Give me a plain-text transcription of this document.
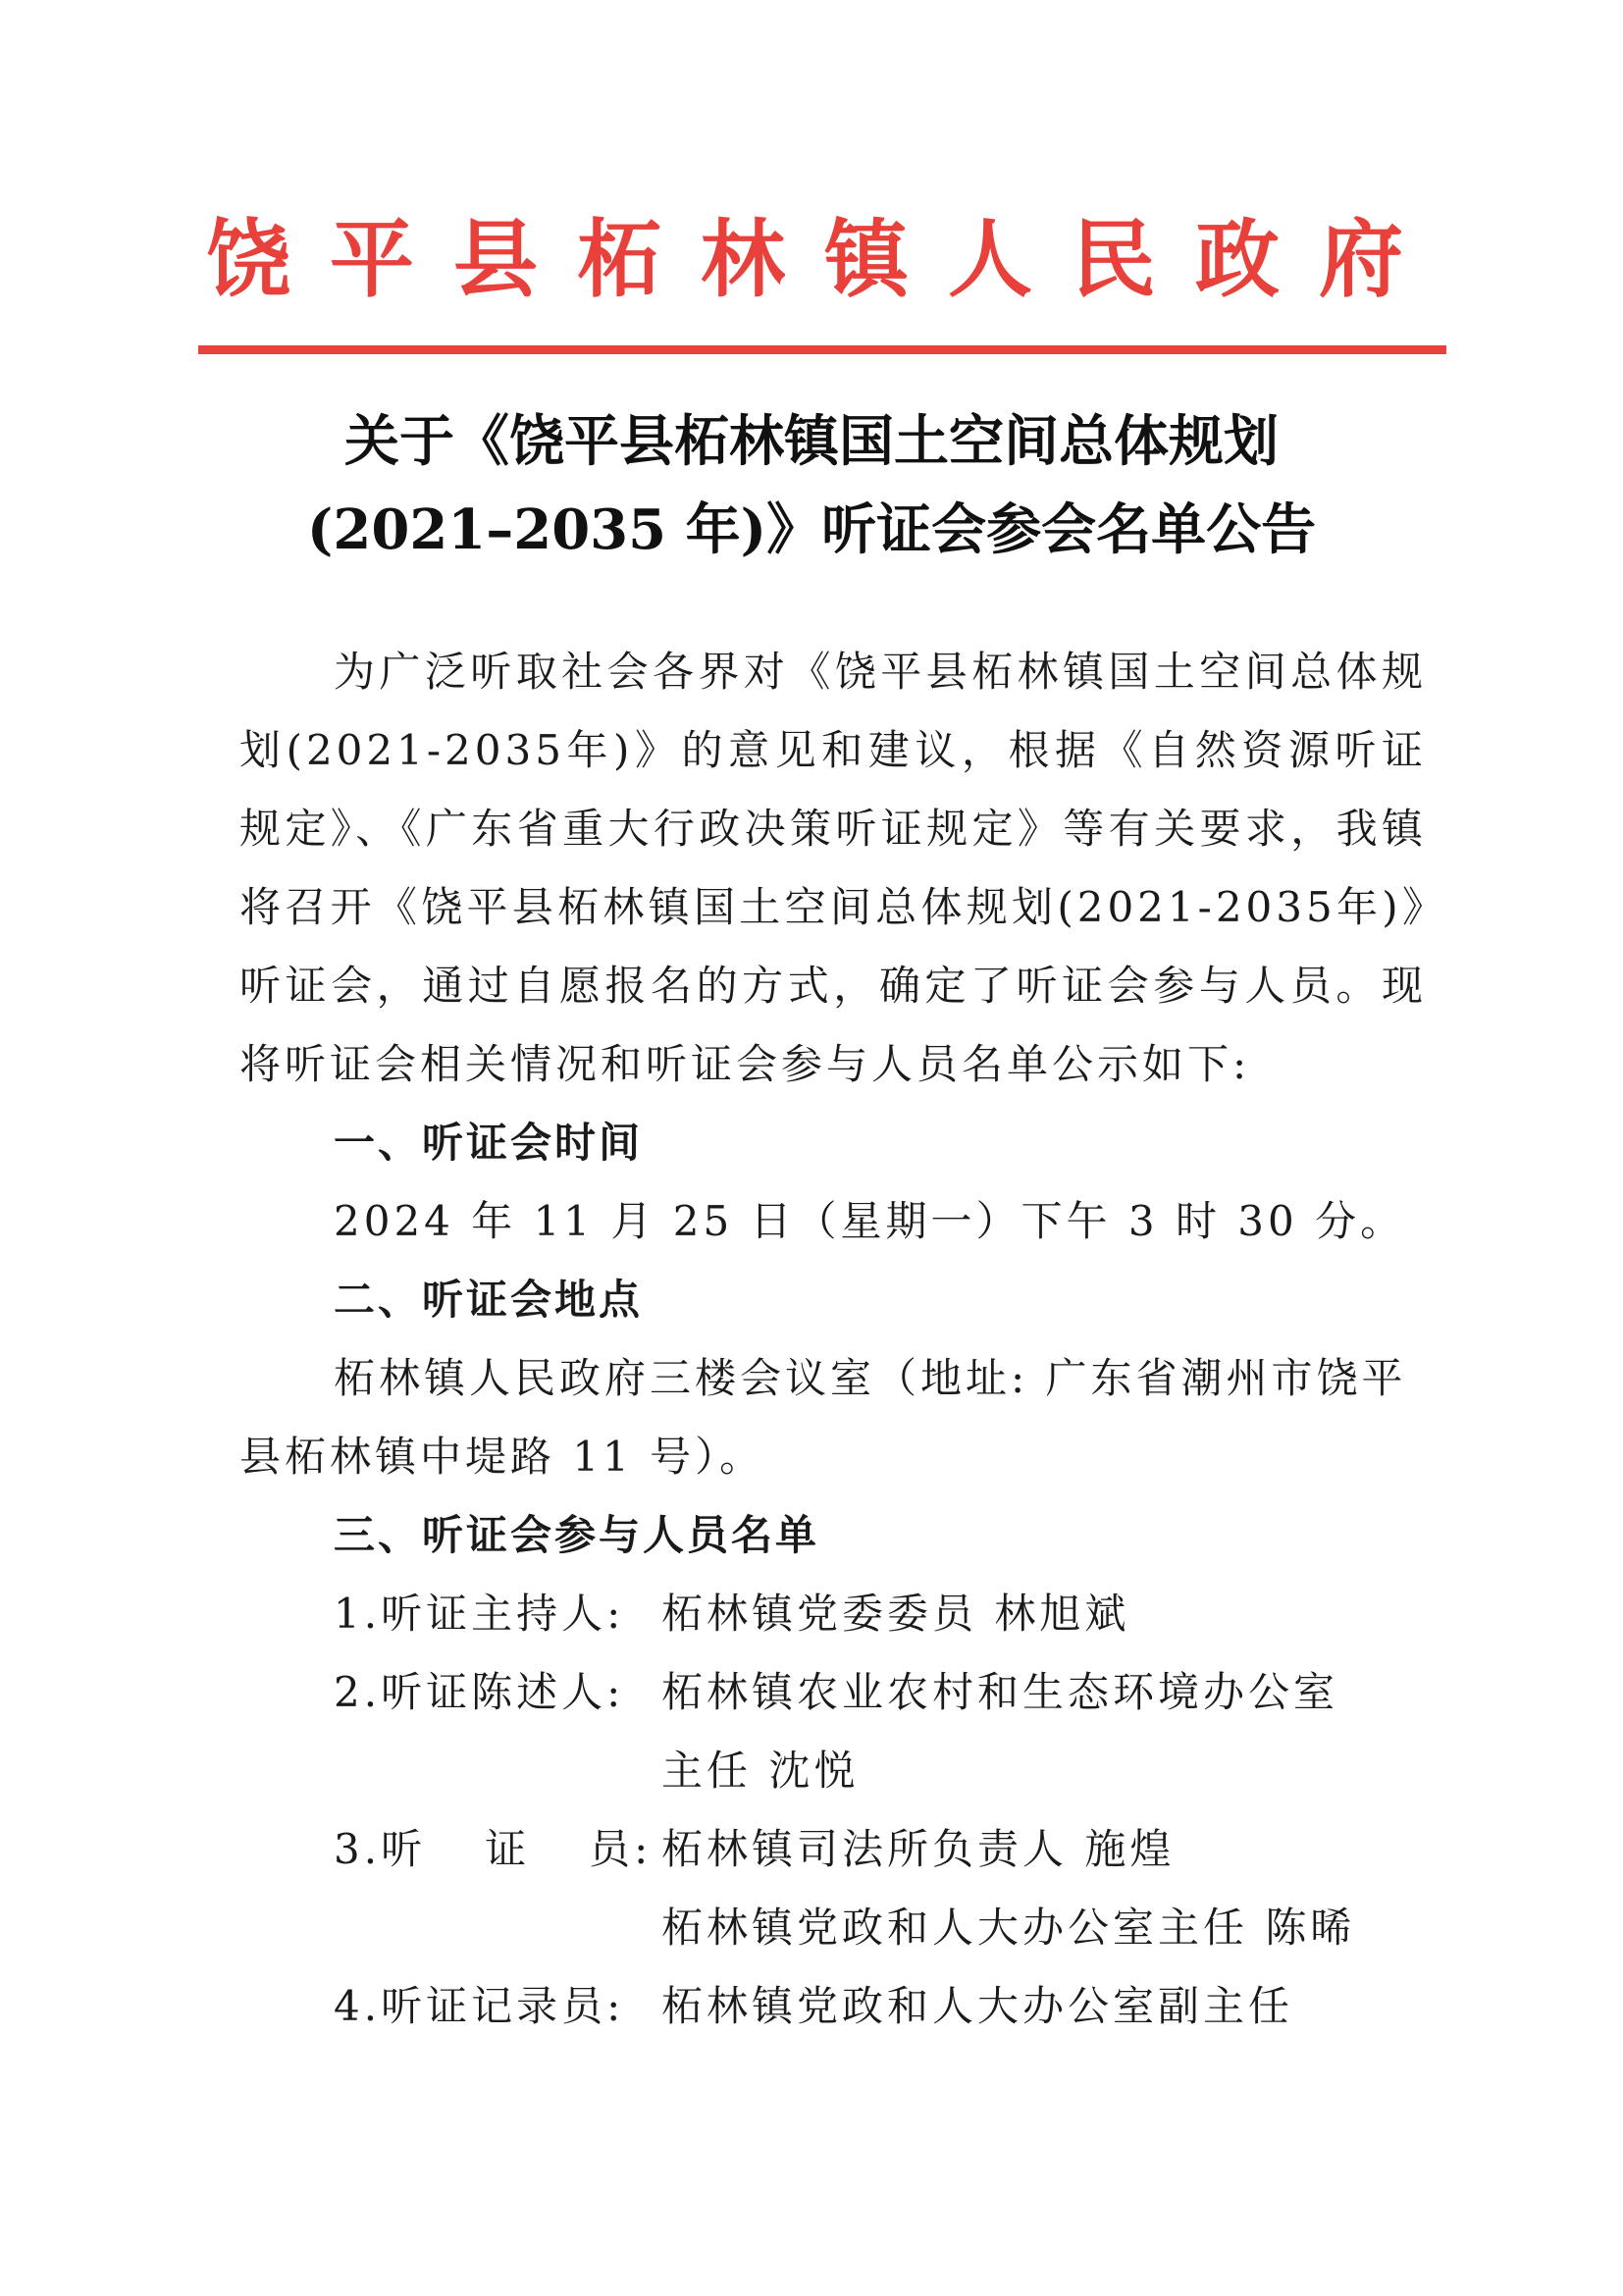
饶平县柘林镇人民政府
关于《饶平县柘林镇国土空间总体规划
(2021–2035 年)》听证会参会名单公告

为广泛听取社会各界对《饶平县柘林镇国土空间总体规划(2021-2035年)》的意见和建议，根据《自然资源听证规定》、《广东省重大行政决策听证规定》等有关要求，我镇将召开《饶平县柘林镇国土空间总体规划(2021-2035年)》听证会，通过自愿报名的方式，确定了听证会参与人员。现将听证会相关情况和听证会参与人员名单公示如下:

一、听证会时间

2024 年 11 月 25 日（星期一）下午 3 时 30 分。

二、听证会地点

柘林镇人民政府三楼会议室（地址: 广东省潮州市饶平县柘林镇中堤路 11 号）。

三、听证会参与人员名单

1.听证主持人: 柘林镇党委委员 林旭斌
2.听证陈述人: 柘林镇农业农村和生态环境办公室
主任 沈悦
3.听 证 员: 柘林镇司法所负责人 施煌
柘林镇党政和人大办公室主任 陈晞
4.听证记录员: 柘林镇党政和人大办公室副主任
